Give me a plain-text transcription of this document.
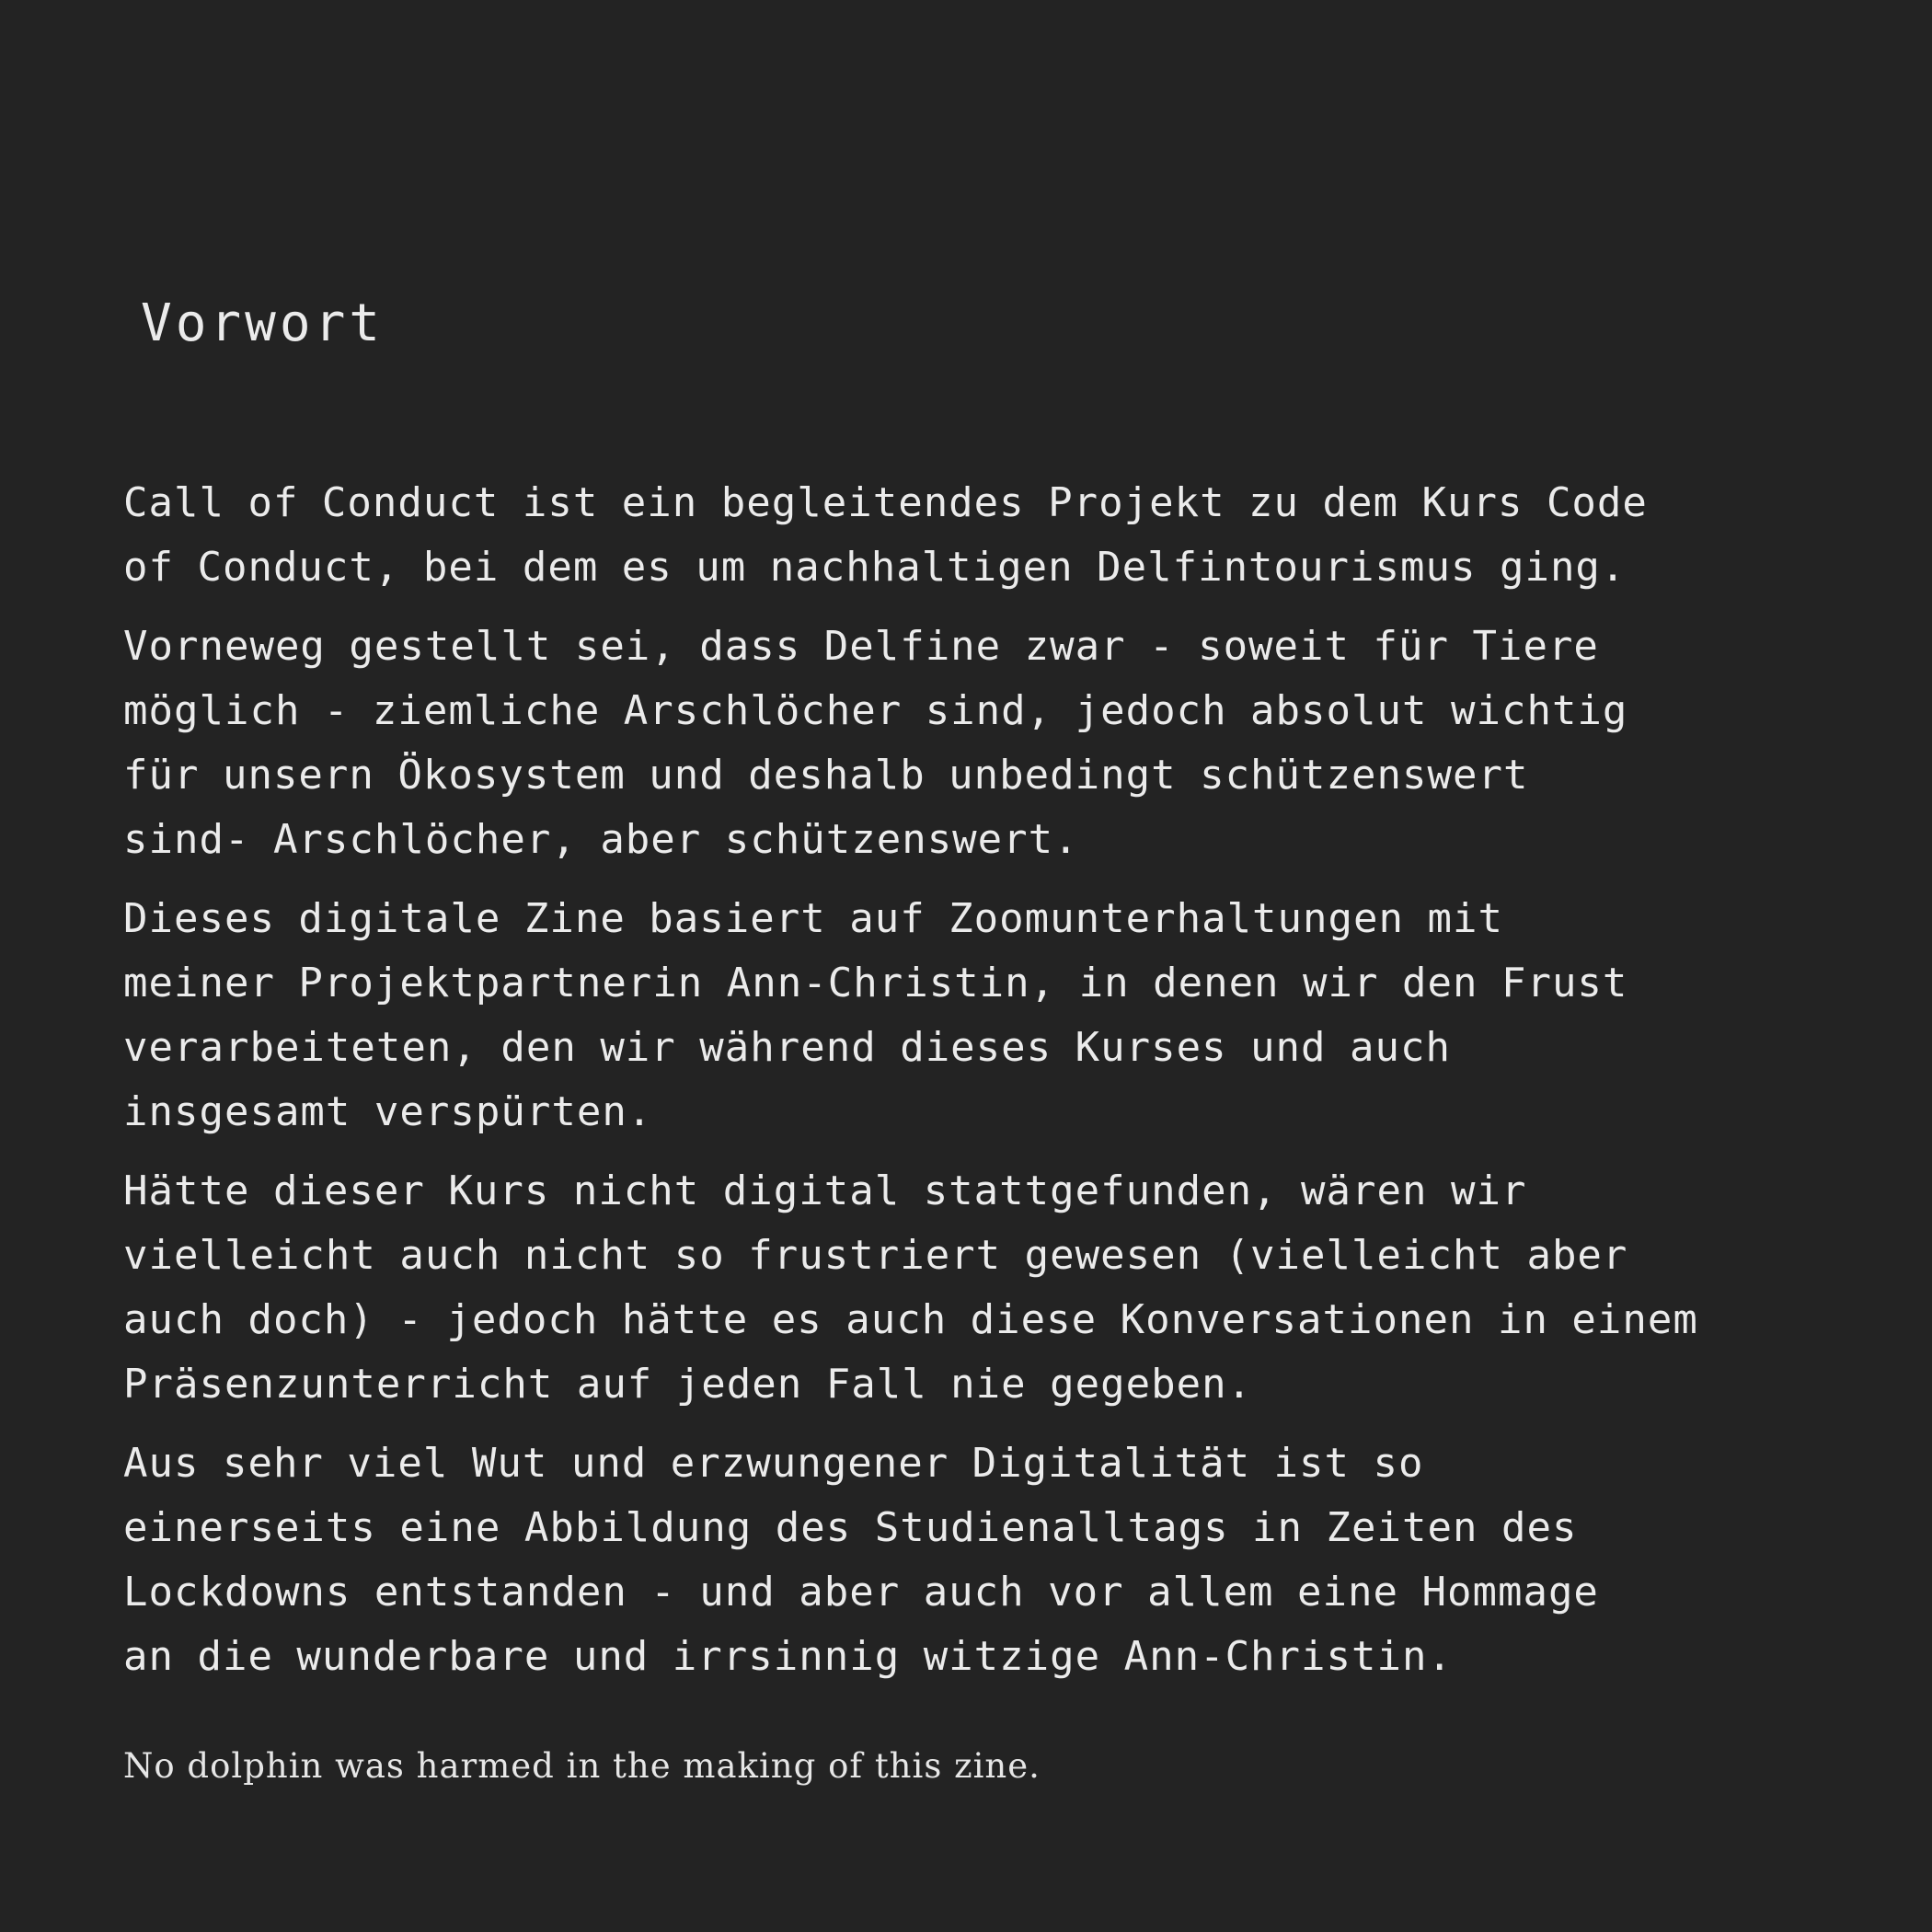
Vorwort

Call of Conduct ist ein begleitendes Projekt zu dem Kurs Code
of Conduct, bei dem es um nachhaltigen Delfintourismus ging.

Vorneweg gestellt sei, dass Delfine zwar - soweit für Tiere
möglich - ziemliche Arschlöcher sind, jedoch absolut wichtig
für unsern Ökosystem und deshalb unbedingt schützenswert
sind- Arschlöcher, aber schützenswert.

Dieses digitale Zine basiert auf Zoomunterhaltungen mit
meiner Projektpartnerin Ann-Christin, in denen wir den Frust
verarbeiteten, den wir während dieses Kurses und auch
insgesamt verspürten.

Hätte dieser Kurs nicht digital stattgefunden, wären wir
vielleicht auch nicht so frustriert gewesen (vielleicht aber
auch doch) - jedoch hätte es auch diese Konversationen in einem
Präsenzunterricht auf jeden Fall nie gegeben.

Aus sehr viel Wut und erzwungener Digitalität ist so
einerseits eine Abbildung des Studienalltags in Zeiten des
Lockdowns entstanden - und aber auch vor allem eine Hommage
an die wunderbare und irrsinnig witzige Ann-Christin.

No dolphin was harmed in the making of this zine.
